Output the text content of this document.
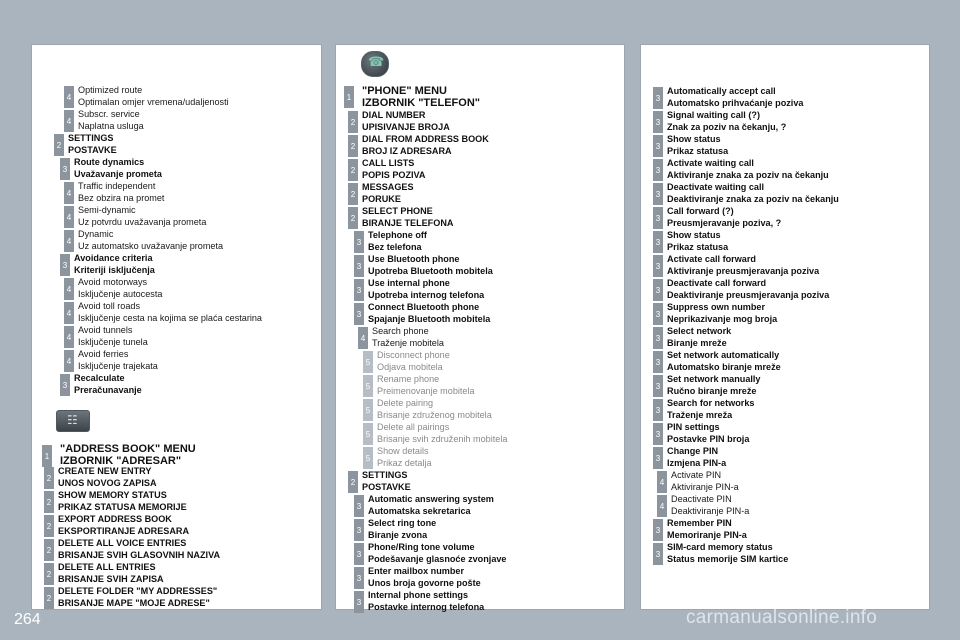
4
Optimized route
Optimalan omjer vremena/udaljenosti
4
Subscr. service
Naplatna usluga
2
SETTINGS
POSTAVKE
3
Route dynamics
Uvažavanje prometa
4
Traffic independent
Bez obzira na promet
4
Semi-dynamic
Uz potvrdu uvažavanja prometa
4
Dynamic
Uz automatsko uvažavanje prometa
3
Avoidance criteria
Kriteriji isključenja
4
Avoid motorways
Isključenje autocesta
4
Avoid toll roads
Isključenje cesta na kojima se plaća cestarina
4
Avoid tunnels
Isključenje tunela
4
Avoid ferries
Isključenje trajekata
3
Recalculate
Preračunavanje
☷
1
"ADDRESS BOOK" MENU
IZBORNIK "ADRESAR"
2
CREATE NEW ENTRY
UNOS NOVOG ZAPISA
2
SHOW MEMORY STATUS
PRIKAZ STATUSA MEMORIJE
2
EXPORT ADDRESS BOOK
EKSPORTIRANJE ADRESARA
2
DELETE ALL VOICE ENTRIES
BRISANJE SVIH GLASOVNIH NAZIVA
2
DELETE ALL ENTRIES
BRISANJE SVIH ZAPISA
2
DELETE FOLDER "MY ADDRESSES"
BRISANJE MAPE "MOJE ADRESE"
☎
1 "PHONE" MENU
IZBORNIK "TELEFON"
2
DIAL NUMBER
UPISIVANJE BROJA
2
DIAL FROM ADDRESS BOOK
BROJ IZ ADRESARA
2
CALL LISTS
POPIS POZIVA
2
MESSAGES
PORUKE
2
SELECT PHONE
BIRANJE TELEFONA
3
Telephone off
Bez telefona
3
Use Bluetooth phone
Upotreba Bluetooth mobitela
3
Use internal phone
Upotreba internog telefona
3
Connect Bluetooth phone
Spajanje Bluetooth mobitela
4
Search phone
Traženje mobitela
5
Disconnect phone
Odjava mobitela
5
Rename phone
Preimenovanje mobitela
5
Delete pairing
Brisanje združenog mobitela
5
Delete all pairings
Brisanje svih združenih mobitela
5
Show details
Prikaz detalja
2
SETTINGS
POSTAVKE
3
Automatic answering system
Automatska sekretarica
3
Select ring tone
Biranje zvona
3
Phone/Ring tone volume
Podešavanje glasnoće zvonjave
3
Enter mailbox number
Unos broja govorne pošte
3
Internal phone settings
Postavke internog telefona
3
Automatically accept call
Automatsko prihvaćanje poziva
3
Signal waiting call (?)
Znak za poziv na čekanju, ?
3
Show status
Prikaz statusa
3
Activate waiting call
Aktiviranje znaka za poziv na čekanju
3
Deactivate waiting call
Deaktiviranje znaka za poziv na čekanju
3
Call forward (?)
Preusmjeravanje poziva, ?
3
Show status
Prikaz statusa
3
Activate call forward
Aktiviranje preusmjeravanja poziva
3
Deactivate call forward
Deaktiviranje preusmjeravanja poziva
3
Suppress own number
Neprikazivanje mog broja
3
Select network
Biranje mreže
3
Set network automatically
Automatsko biranje mreže
3
Set network manually
Ručno biranje mreže
3
Search for networks
Traženje mreža
3
PIN settings
Postavke PIN broja
3
Change PIN
Izmjena PIN-a
4
Activate PIN
Aktiviranje PIN-a
4
Deactivate PIN
Deaktiviranje PIN-a
3
Remember PIN
Memoriranje PIN-a
3
SIM-card memory status
Status memorije SIM kartice
264	carmanualsonline.info
